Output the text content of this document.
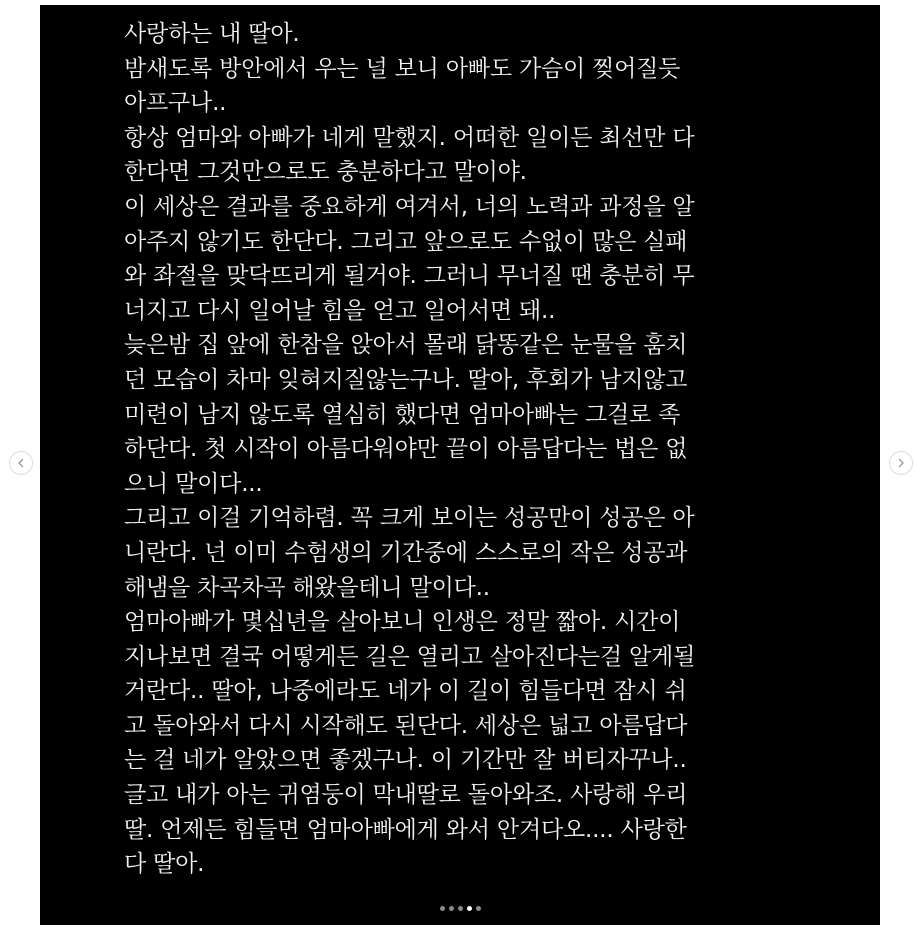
사랑하는 내 딸아.
밤새도록 방안에서 우는 널 보니 아빠도 가슴이 찢어질듯
아프구나..
항상 엄마와 아빠가 네게 말했지. 어떠한 일이든 최선만 다
한다면 그것만으로도 충분하다고 말이야.
이 세상은 결과를 중요하게 여겨서, 너의 노력과 과정을 알
아주지 않기도 한단다. 그리고 앞으로도 수없이 많은 실패
와 좌절을 맞닥뜨리게 될거야. 그러니 무너질 땐 충분히 무
너지고 다시 일어날 힘을 얻고 일어서면 돼..
늦은밤 집 앞에 한참을 앉아서 몰래 닭똥같은 눈물을 훔치
던 모습이 차마 잊혀지질않는구나. 딸아, 후회가 남지않고
미련이 남지 않도록 열심히 했다면 엄마아빠는 그걸로 족
하단다. 첫 시작이 아름다워야만 끝이 아름답다는 법은 없
으니 말이다...
그리고 이걸 기억하렴. 꼭 크게 보이는 성공만이 성공은 아
니란다. 넌 이미 수험생의 기간중에 스스로의 작은 성공과
해냄을 차곡차곡 해왔을테니 말이다..
엄마아빠가 몇십년을 살아보니 인생은 정말 짧아. 시간이
지나보면 결국 어떻게든 길은 열리고 살아진다는걸 알게될
거란다.. 딸아, 나중에라도 네가 이 길이 힘들다면 잠시 쉬
고 돌아와서 다시 시작해도 된단다. 세상은 넓고 아름답다
는 걸 네가 알았으면 좋겠구나. 이 기간만 잘 버티자꾸나..
글고 내가 아는 귀염둥이 막내딸로 돌아와조. 사랑해 우리
딸. 언제든 힘들면 엄마아빠에게 와서 안겨다오.... 사랑한
다 딸아.
